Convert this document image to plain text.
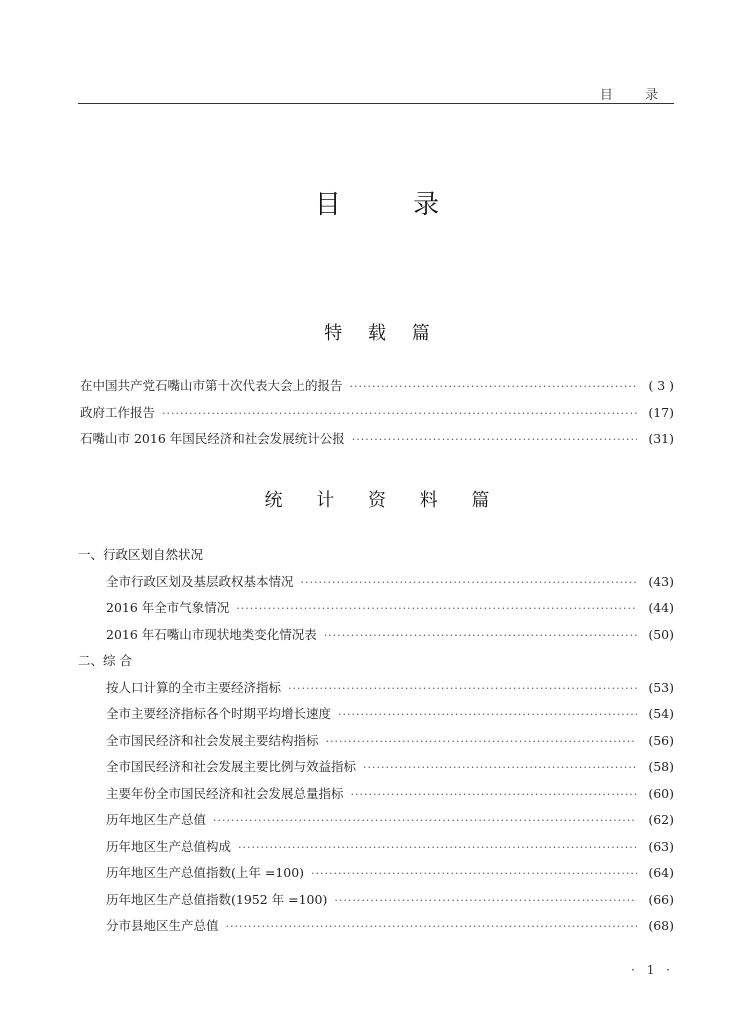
目 录
目 录
特 载 篇
在中国共产党石嘴山市第十次代表大会上的报告 ·····	( 3 )
政府工作报告 ·····	(17)
石嘴山市 2016 年国民经济和社会发展统计公报 ·····	(31)
统 计 资 料 篇
一、行政区划自然状况
全市行政区划及基层政权基本情况 ·····	(43)
2016 年全市气象情况 ·····	(44)
2016 年石嘴山市现状地类变化情况表 ·····	(50)
二、综 合
按人口计算的全市主要经济指标 ·····	(53)
全市主要经济指标各个时期平均增长速度 ·····	(54)
全市国民经济和社会发展主要结构指标 ·····	(56)
全市国民经济和社会发展主要比例与效益指标 ·····	(58)
主要年份全市国民经济和社会发展总量指标 ·····	(60)
历年地区生产总值 ·····	(62)
历年地区生产总值构成 ·····	(63)
历年地区生产总值指数(上年 =100) ·····	(64)
历年地区生产总值指数(1952 年 =100) ·····	(66)
分市县地区生产总值 ·····	(68)
· 1 ·
